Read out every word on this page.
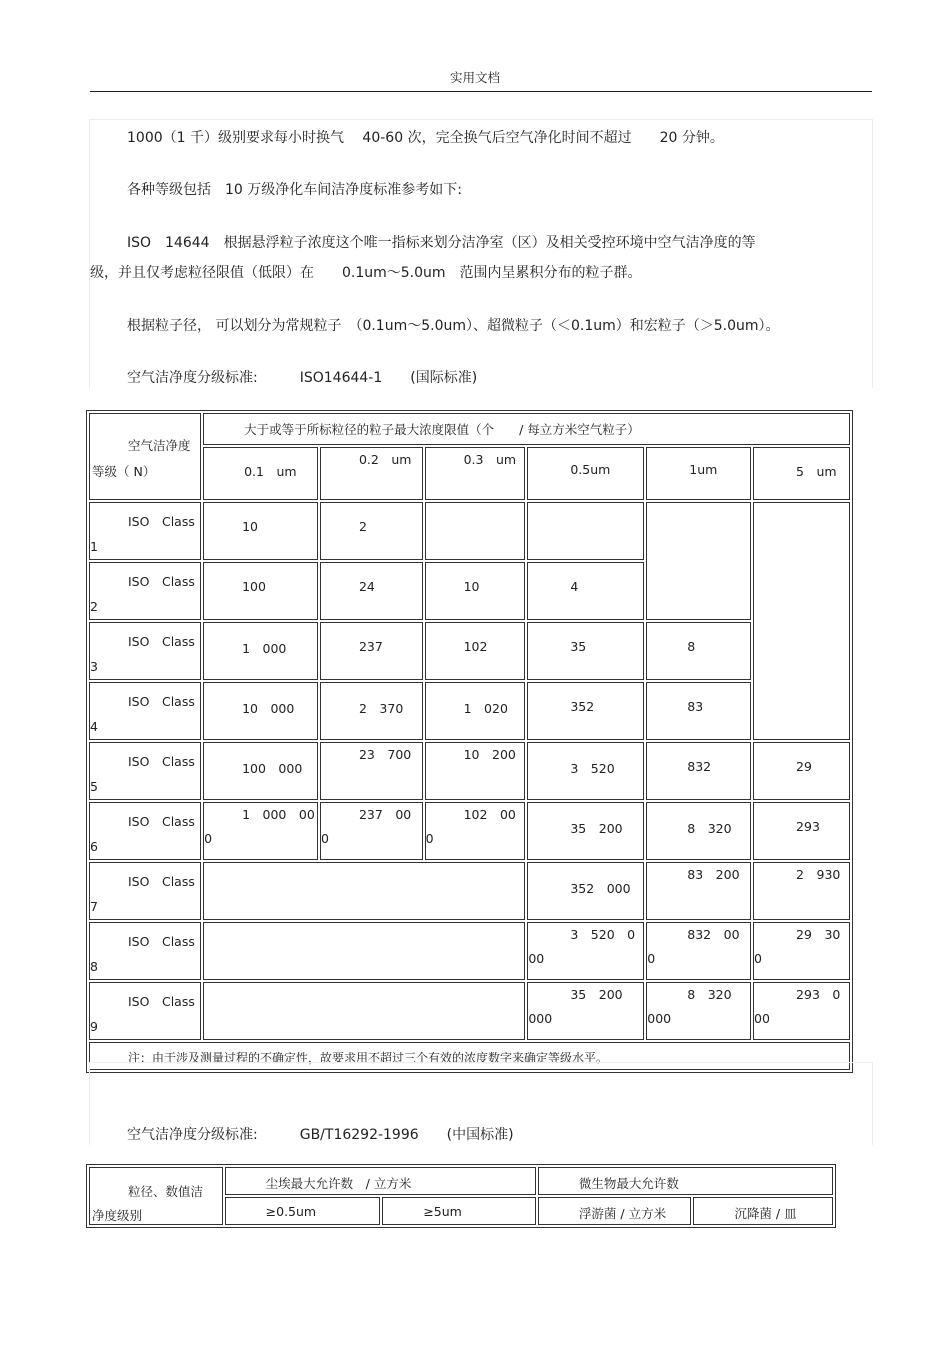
实用文档
1000（1 千）级别要求每小时换气　 40-60 次，完全换气后空气净化时间不超过　　20 分钟。
各种等级包括　10 万级净化车间洁净度标准参考如下:
ISO　14644　根据悬浮粒子浓度这个唯一指标来划分洁净室（区）及相关受控环境中空气洁净度的等
级，并且仅考虑粒径限值（低限）在　　0.1um～5.0um　范围内呈累积分布的粒子群。
根据粒子径， 可以划分为常规粒子　（0.1um～5.0um）、超微粒子（＜0.1um）和宏粒子（＞5.0um）。
空气洁净度分级标准:　　　ISO14644-1　　(国际标准)
空气洁净度
等级（ N）	大于或等于所标粒径的粒子最大浓度限值（个　　/ 每立方米空气粒子）					

	0.1　um	0.2　um	0.3　um	0.5um	1um	5　um

ISO　Class　1	10	2				

ISO　Class　2	100	24	10	4		

ISO　Class　3	1　000	237	102	35	8	

ISO　Class　4	10　000	2　370	1　020	352	83	

ISO　Class　5	100　000	23　700	10　200	3　520	832	29

ISO　Class　6	1　000　000	237　000	102　000	35　200	8　320	293

ISO　Class　7				352　000	83　200	2　930

ISO　Class　8				3　520　000	832　000	29　300

ISO　Class　9				35　200　000	8　320　000	293　000

注：由于涉及测量过程的不确定性，故要求用不超过三个有效的浓度数字来确定等级水平。						
空气洁净度分级标准:　　　GB/T16292-1996　　(中国标准)
粒径、数值洁
净度级别	尘埃最大允许数　/ 立方米		微生物最大允许数	
	≥0.5um	≥5um	浮游菌 / 立方米	沉降菌 / 皿
